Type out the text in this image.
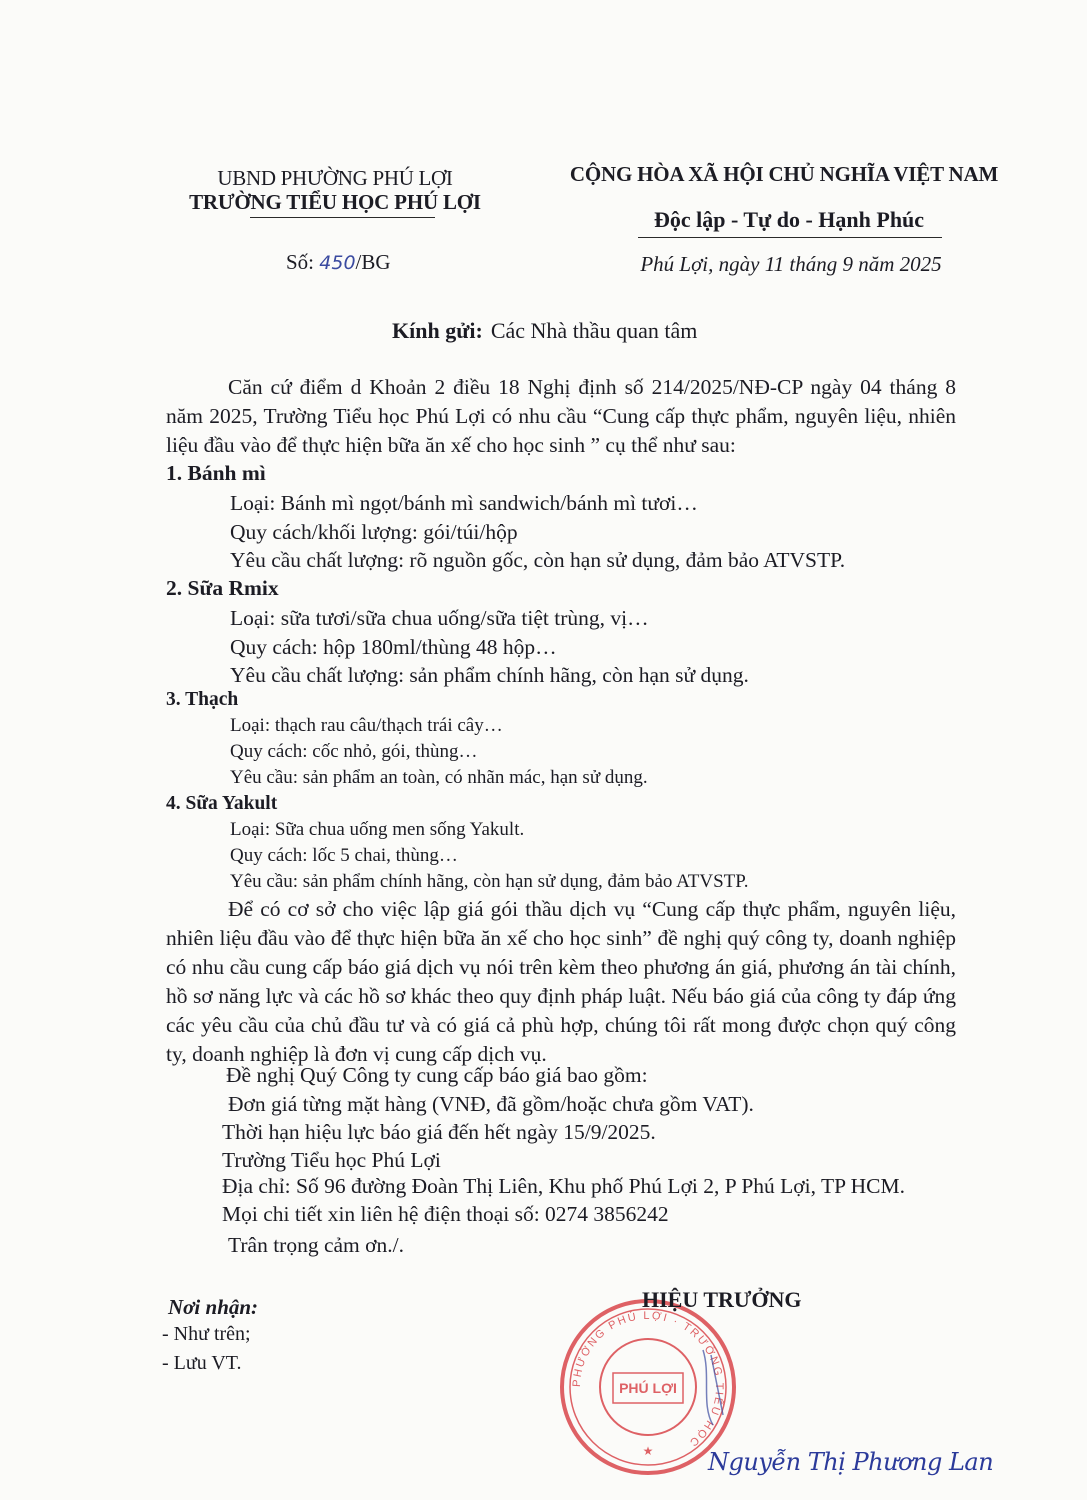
UBND PHƯỜNG PHÚ LỢI
TRƯỜNG TIỂU HỌC PHÚ LỢI
Số: 450/BG
CỘNG HÒA XÃ HỘI CHỦ NGHĨA VIỆT NAM
Độc lập - Tự do - Hạnh Phúc
Phú Lợi, ngày 11 tháng 9 năm 2025
Kính gửi: Các Nhà thầu quan tâm
Căn cứ điểm d Khoản 2 điều 18 Nghị định số 214/2025/NĐ-CP ngày 04 tháng 8 năm 2025, Trường Tiểu học Phú Lợi có nhu cầu “Cung cấp thực phẩm, nguyên liệu, nhiên liệu đầu vào để thực hiện bữa ăn xế cho học sinh ” cụ thể như sau:
1. Bánh mì
Loại: Bánh mì ngọt/bánh mì sandwich/bánh mì tươi…
Quy cách/khối lượng: gói/túi/hộp
Yêu cầu chất lượng: rõ nguồn gốc, còn hạn sử dụng, đảm bảo ATVSTP.
2. Sữa Rmix
Loại: sữa tươi/sữa chua uống/sữa tiệt trùng, vị…
Quy cách: hộp 180ml/thùng 48 hộp…
Yêu cầu chất lượng: sản phẩm chính hãng, còn hạn sử dụng.
3. Thạch
Loại: thạch rau câu/thạch trái cây…
Quy cách: cốc nhỏ, gói, thùng…
Yêu cầu: sản phẩm an toàn, có nhãn mác, hạn sử dụng.
4. Sữa Yakult
Loại: Sữa chua uống men sống Yakult.
Quy cách: lốc 5 chai, thùng…
Yêu cầu: sản phẩm chính hãng, còn hạn sử dụng, đảm bảo ATVSTP.
Để có cơ sở cho việc lập giá gói thầu dịch vụ “Cung cấp thực phẩm, nguyên liệu, nhiên liệu đầu vào để thực hiện bữa ăn xế cho học sinh” đề nghị quý công ty, doanh nghiệp có nhu cầu cung cấp báo giá dịch vụ nói trên kèm theo phương án giá, phương án tài chính, hồ sơ năng lực và các hồ sơ khác theo quy định pháp luật. Nếu báo giá của công ty đáp ứng các yêu cầu của chủ đầu tư và có giá cả phù hợp, chúng tôi rất mong được chọn quý công ty, doanh nghiệp là đơn vị cung cấp dịch vụ.
Đề nghị Quý Công ty cung cấp báo giá bao gồm:
Đơn giá từng mặt hàng (VNĐ, đã gồm/hoặc chưa gồm VAT).
Thời hạn hiệu lực báo giá đến hết ngày 15/9/2025.
Trường Tiểu học Phú Lợi
Địa chỉ: Số 96 đường Đoàn Thị Liên, Khu phố Phú Lợi 2, P Phú Lợi, TP HCM.
Mọi chi tiết xin liên hệ điện thoại số: 0274 3856242
Trân trọng cảm ơn./.
Nơi nhận:
- Như trên;
- Lưu VT.
PHƯỜNG PHÚ LỢI · TRƯỜNG TIỂU HỌC
PHÚ LỢI
★
HIỆU TRƯỞNG
Nguyễn Thị Phương Lan
